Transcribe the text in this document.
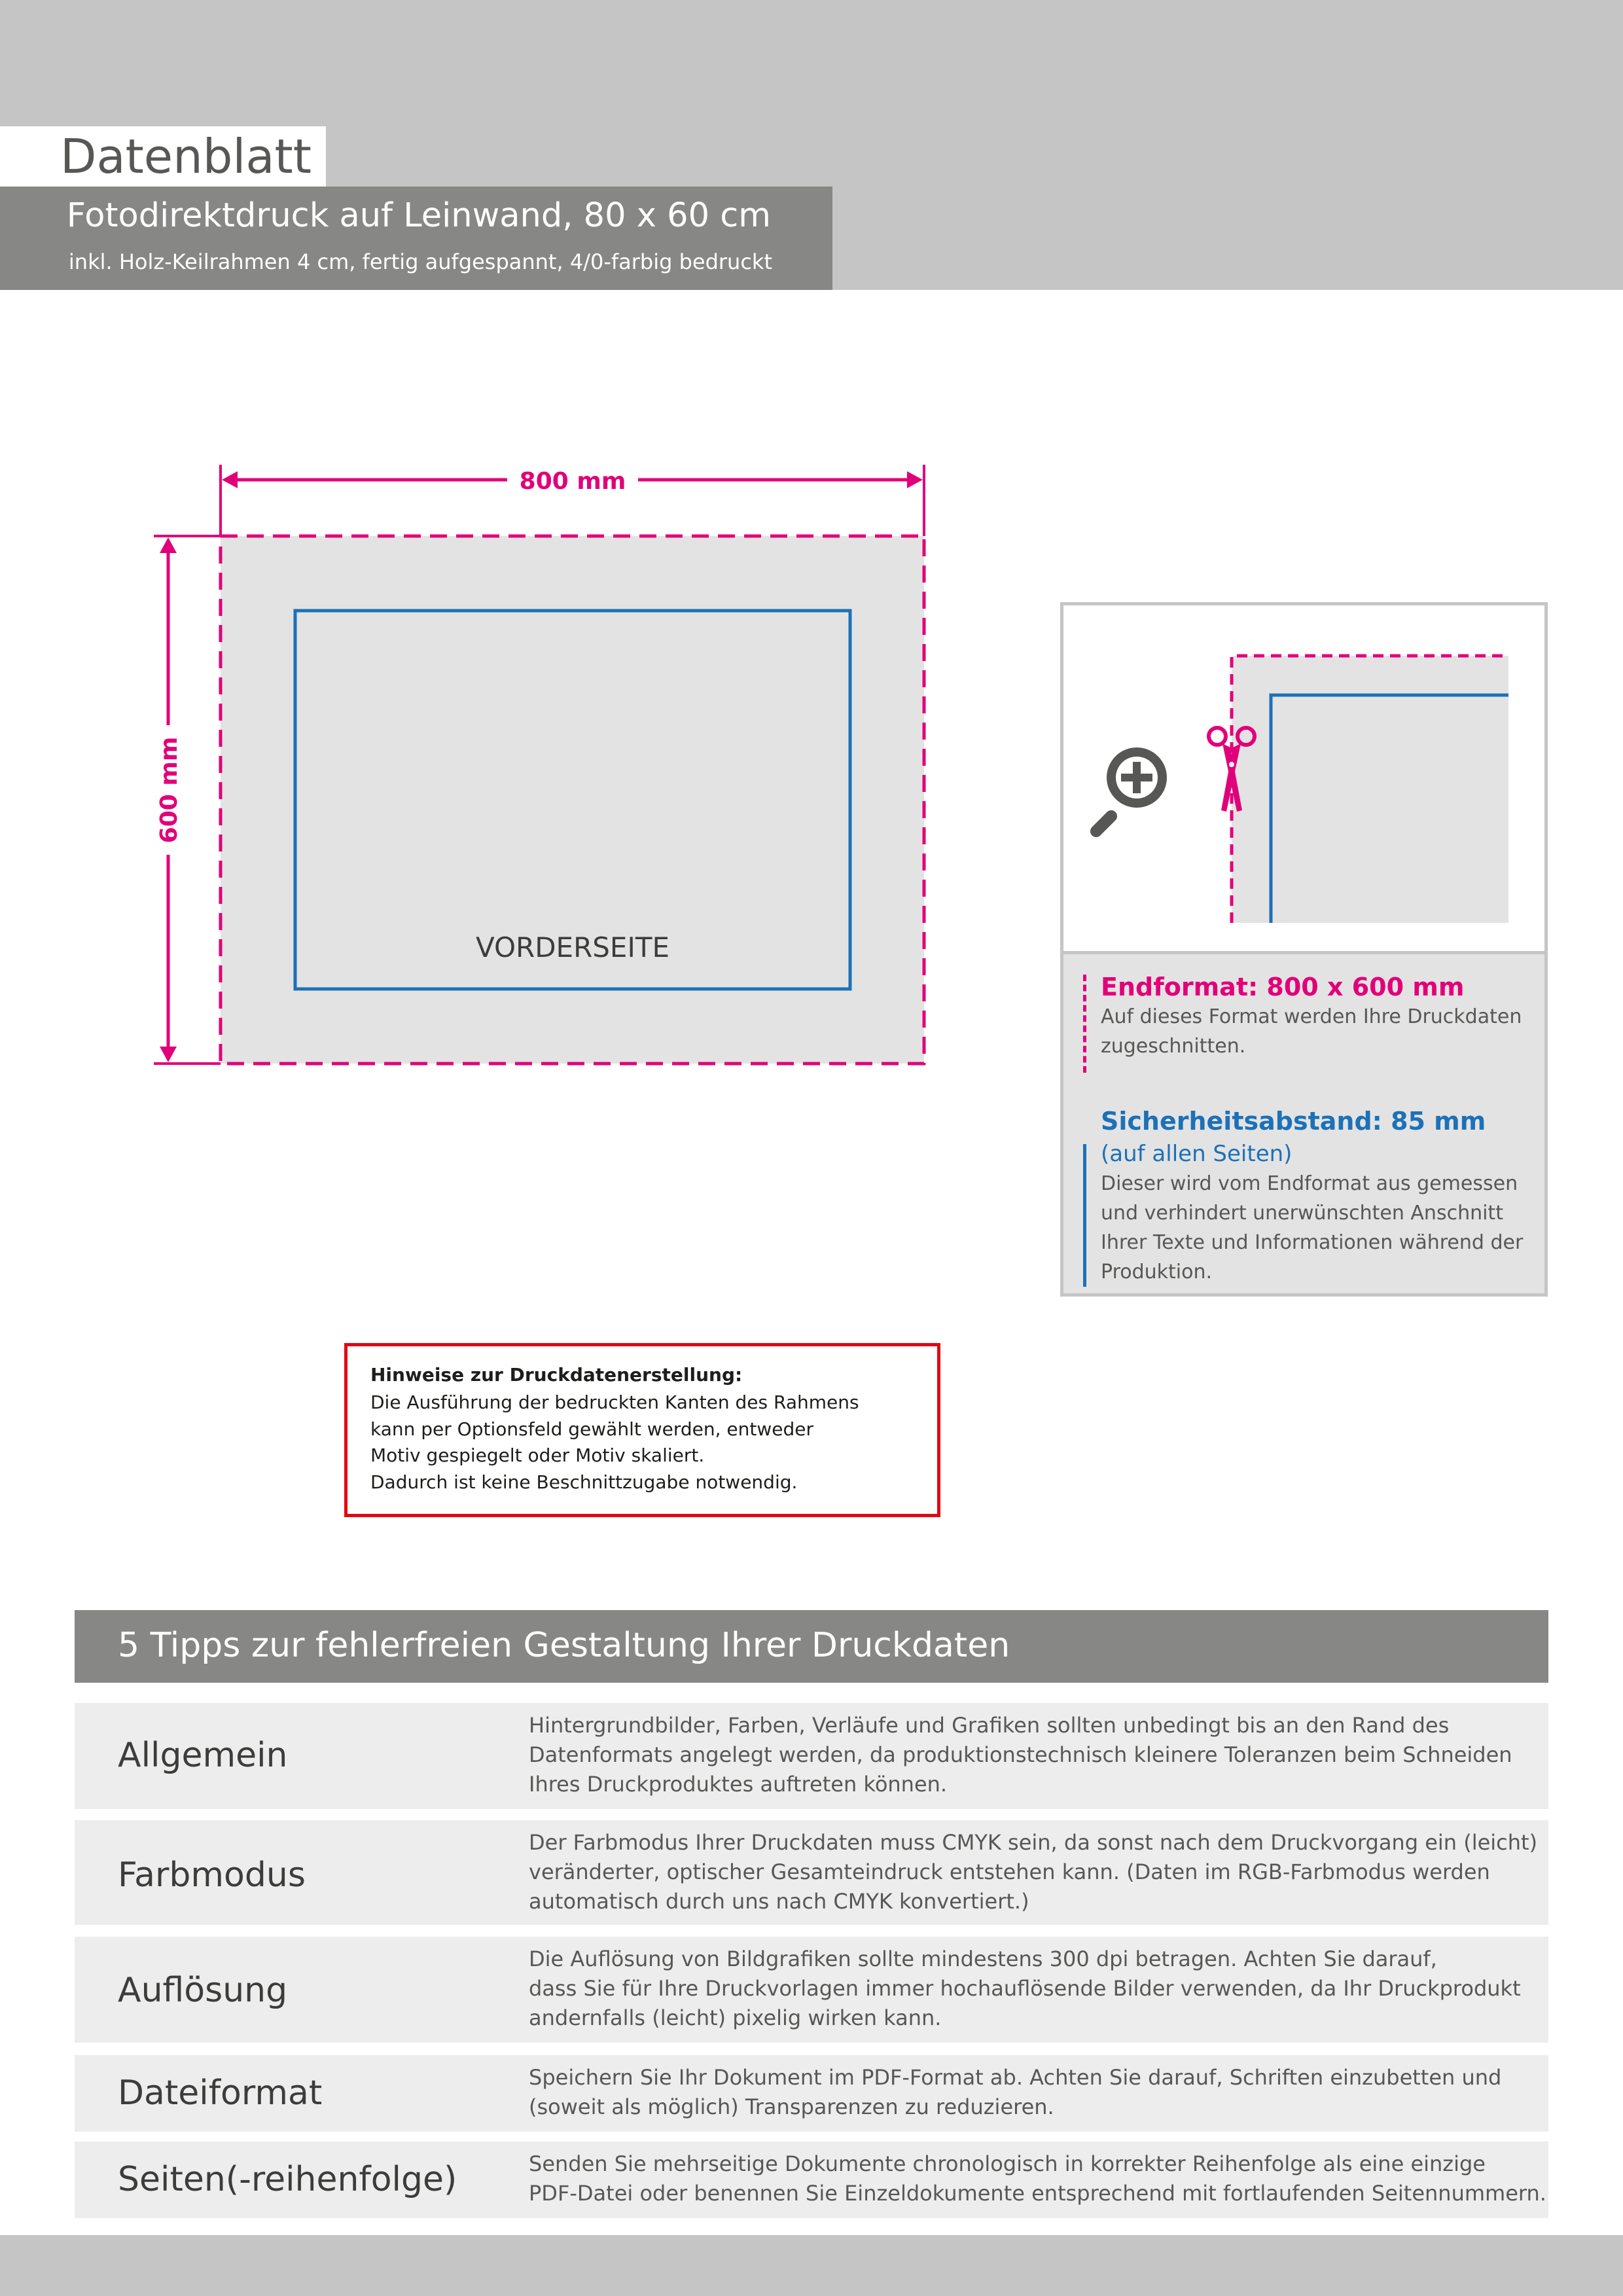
Datenblatt
Fotodirektdruck auf Leinwand, 80 x 60 cm
inkl. Holz-Keilrahmen 4 cm, fertig aufgespannt, 4/0-farbig bedruckt
800 mm
600 mm
VORDERSEITE
Endformat: 800 x 600 mm
Auf dieses Format werden Ihre Druckdaten
zugeschnitten.
Sicherheitsabstand: 85 mm
(auf allen Seiten)
Dieser wird vom Endformat aus gemessen
und verhindert unerwünschten Anschnitt
Ihrer Texte und Informationen während der
Produktion.
Hinweise zur Druckdatenerstellung:
Die Ausführung der bedruckten Kanten des Rahmens
kann per Optionsfeld gewählt werden, entweder
Motiv gespiegelt oder Motiv skaliert.
Dadurch ist keine Beschnittzugabe notwendig.
5 Tipps zur fehlerfreien Gestaltung Ihrer Druckdaten
Allgemein
Hintergrundbilder, Farben, Verläufe und Grafiken sollten unbedingt bis an den Rand des
Datenformats angelegt werden, da produktionstechnisch kleinere Toleranzen beim Schneiden
Ihres Druckproduktes auftreten können.
Farbmodus
Der Farbmodus Ihrer Druckdaten muss CMYK sein, da sonst nach dem Druckvorgang ein (leicht)
veränderter, optischer Gesamteindruck entstehen kann. (Daten im RGB-Farbmodus werden
automatisch durch uns nach CMYK konvertiert.)
Auflösung
Die Auflösung von Bildgrafiken sollte mindestens 300 dpi betragen. Achten Sie darauf,
dass Sie für Ihre Druckvorlagen immer hochauflösende Bilder verwenden, da Ihr Druckprodukt
andernfalls (leicht) pixelig wirken kann.
Dateiformat	Speichern Sie Ihr Dokument im PDF-Format ab. Achten Sie darauf, Schriften einzubetten und
(soweit als möglich) Transparenzen zu reduzieren.
Seiten(-reihenfolge)	Senden Sie mehrseitige Dokumente chronologisch in korrekter Reihenfolge als eine einzige
PDF-Datei oder benennen Sie Einzeldokumente entsprechend mit fortlaufenden Seitennummern.
